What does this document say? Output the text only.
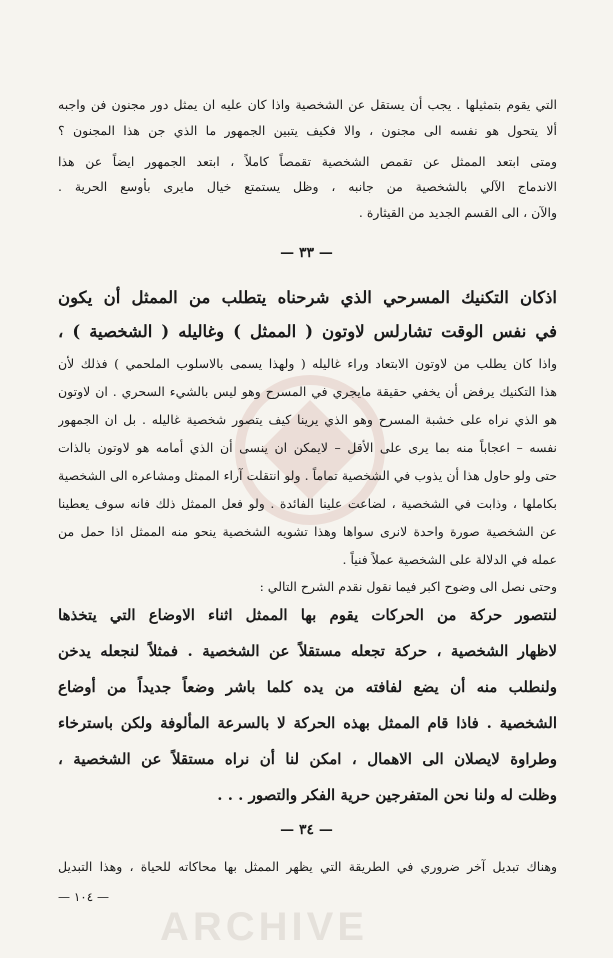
ARCHIVE
التي يقوم بتمثيلها . يجب أن يستقل عن الشخصية واذا كان عليه ان يمثل دور مجنون فن واجبه
ألا يتحول هو نفسه الى مجنون ، والا فكيف يتبين الجمهور ما الذي جن هذا المجنون ؟
ومتى ابتعد الممثل عن تقمص الشخصية تقمصاً كاملاً ، ابتعد الجمهور ايضاً عن هذا
الاندماج الآلي بالشخصية من جانبه ، وظل يستمتع خيال مايرى بأوسع الحرية .
والآن ، الى القسم الجديد من القيثارة .
— ٣٣ —
اذكان التكنيك المسرحي الذي شرحناه يتطلب من الممثل أن يكون
في نفس الوقت تشارلس لاوتون ( الممثل ) وغاليله ( الشخصية ) ،
واذا كان يطلب من لاوتون الابتعاد وراء غاليله ( ولهذا يسمى بالاسلوب الملحمي ) فذلك لأن
هذا التكنيك يرفض أن يخفي حقيقة مايجري في المسرح وهو ليس بالشيء السحري . ان لاوتون
هو الذي نراه على خشبة المسرح وهو الذي يرينا كيف يتصور شخصية غاليله . بل ان الجمهور
نفسه – اعجاباً منه بما يرى على الأقل – لايمكن ان ينسى أن الذي أمامه هو لاوتون بالذات
حتى ولو حاول هذا أن يذوب في الشخصية تماماً . ولو انتقلت آراء الممثل ومشاعره الى الشخصية
بكاملها ، وذابت في الشخصية ، لضاعت علينا الفائدة . ولو فعل الممثل ذلك فانه سوف يعطينا
عن الشخصية صورة واحدة لانرى سواها وهذا تشويه الشخصية ينحو منه الممثل اذا حمل من
عمله في الدلالة على الشخصية عملاً فنياً .
وحتى نصل الى وضوح اكبر فيما نقول نقدم الشرح التالي :
لنتصور حركة من الحركات يقوم بها الممثل اثناء الاوضاع التي يتخذها
لاظهار الشخصية ، حركة تجعله مستقلاً عن الشخصية . فمثلاً لنجعله يدخن
ولنطلب منه أن يضع لفافته من يده كلما باشر وضعاً جديداً من أوضاع
الشخصية . فاذا قام الممثل بهذه الحركة لا بالسرعة المألوفة ولكن باسترخاء
وطراوة لايصلان الى الاهمال ، امكن لنا أن نراه مستقلاً عن الشخصية ،
وظلت له ولنا نحن المتفرجين حرية الفكر والتصور . . .
— ٣٤ —
وهناك تبديل آخر ضروري في الطريقة التي يظهر الممثل بها محاكاته للحياة ، وهذا التبديل
— ١٠٤ —
